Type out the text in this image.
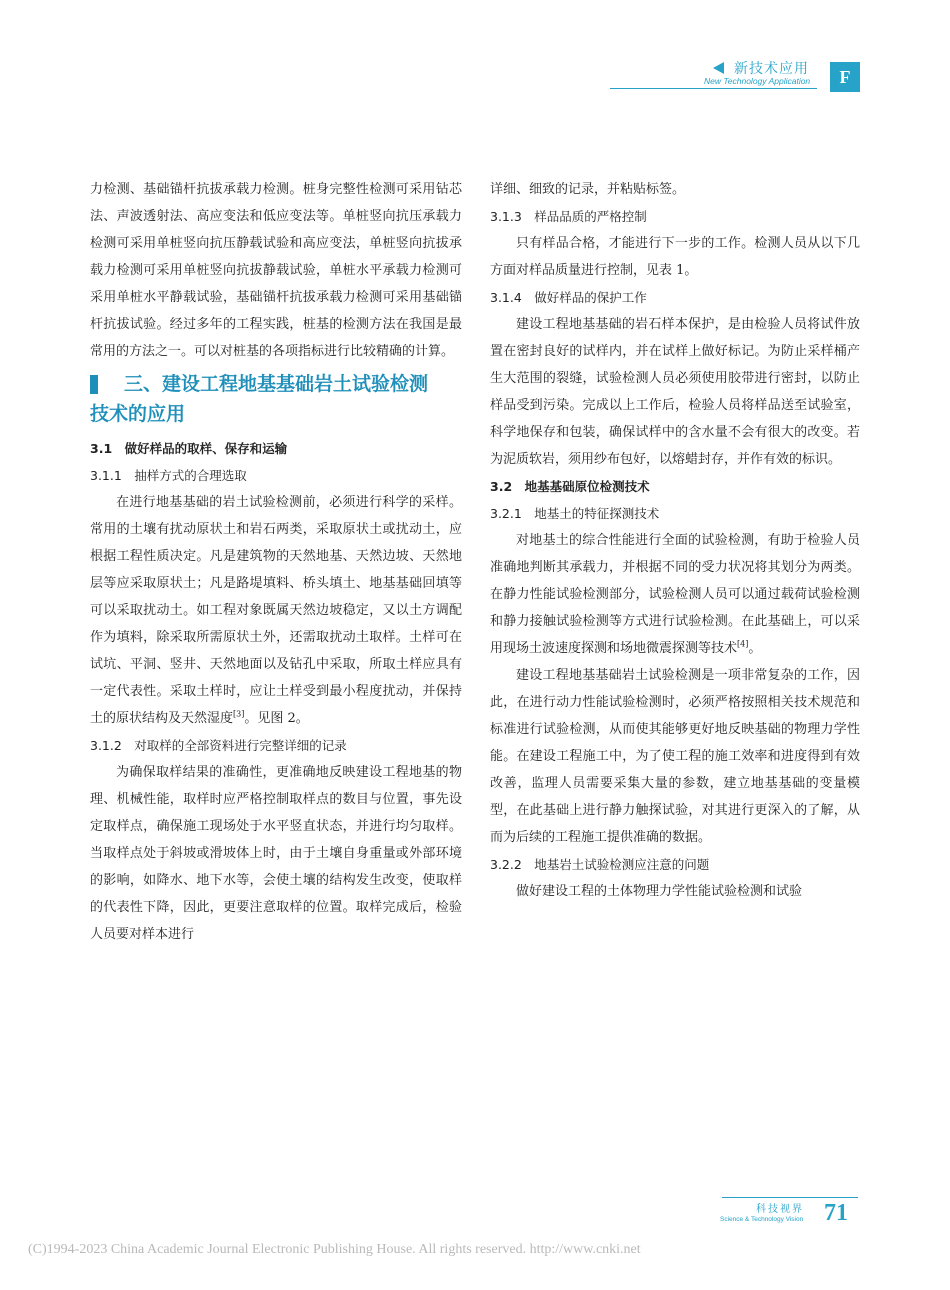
新技术应用
New Technology Application	F

力检测、基础锚杆抗拔承载力检测。桩身完整性检测可采用钻芯法、声波透射法、高应变法和低应变法等。单桩竖向抗压承载力检测可采用单桩竖向抗压静载试验和高应变法，单桩竖向抗拔承载力检测可采用单桩竖向抗拔静载试验，单桩水平承载力检测可采用单桩水平静载试验，基础锚杆抗拔承载力检测可采用基础锚杆抗拔试验。经过多年的工程实践，桩基的检测方法在我国是最常用的方法之一。可以对桩基的各项指标进行比较精确的计算。

三、建设工程地基基础岩土试验检测
技术的应用

3.1　做好样品的取样、保存和运输

3.1.1　抽样方式的合理选取

在进行地基基础的岩土试验检测前，必须进行科学的采样。常用的土壤有扰动原状土和岩石两类，采取原状土或扰动土，应根据工程性质决定。凡是建筑物的天然地基、天然边坡、天然地层等应采取原状土；凡是路堤填料、桥头填土、地基基础回填等可以采取扰动土。如工程对象既属天然边坡稳定，又以土方调配作为填料，除采取所需原状土外，还需取扰动土取样。土样可在试坑、平洞、竖井、天然地面以及钻孔中采取，所取土样应具有一定代表性。采取土样时，应让土样受到最小程度扰动，并保持土的原状结构及天然湿度[3]。见图 2。

3.1.2　对取样的全部资料进行完整详细的记录

为确保取样结果的准确性，更准确地反映建设工程地基的物理、机械性能，取样时应严格控制取样点的数目与位置，事先设定取样点，确保施工现场处于水平竖直状态，并进行均匀取样。当取样点处于斜坡或滑坡体上时，由于土壤自身重量或外部环境的影响，如降水、地下水等，会使土壤的结构发生改变，使取样的代表性下降，因此，更要注意取样的位置。取样完成后，检验人员要对样本进行

详细、细致的记录，并粘贴标签。

3.1.3　样品品质的严格控制

只有样品合格，才能进行下一步的工作。检测人员从以下几方面对样品质量进行控制，见表 1。

3.1.4　做好样品的保护工作

建设工程地基基础的岩石样本保护，是由检验人员将试件放置在密封良好的试样内，并在试样上做好标记。为防止采样桶产生大范围的裂缝，试验检测人员必须使用胶带进行密封，以防止样品受到污染。完成以上工作后，检验人员将样品送至试验室，科学地保存和包装，确保试样中的含水量不会有很大的改变。若为泥质软岩，须用纱布包好，以熔蜡封存，并作有效的标识。

3.2　地基基础原位检测技术

3.2.1　地基土的特征探测技术

对地基土的综合性能进行全面的试验检测，有助于检验人员准确地判断其承载力，并根据不同的受力状况将其划分为两类。在静力性能试验检测部分，试验检测人员可以通过载荷试验检测和静力接触试验检测等方式进行试验检测。在此基础上，可以采用现场土波速度探测和场地微震探测等技术[4]。

建设工程地基基础岩土试验检测是一项非常复杂的工作，因此，在进行动力性能试验检测时，必须严格按照相关技术规范和标准进行试验检测，从而使其能够更好地反映基础的物理力学性能。在建设工程施工中，为了使工程的施工效率和进度得到有效改善，监理人员需要采集大量的参数，建立地基基础的变量模型，在此基础上进行静力触探试验，对其进行更深入的了解，从而为后续的工程施工提供准确的数据。

3.2.2　地基岩土试验检测应注意的问题

做好建设工程的土体物理力学性能试验检测和试验

科技视界
Science & Technology Vision 71
(C)1994-2023 China Academic Journal Electronic Publishing House. All rights reserved. http://www.cnki.net
